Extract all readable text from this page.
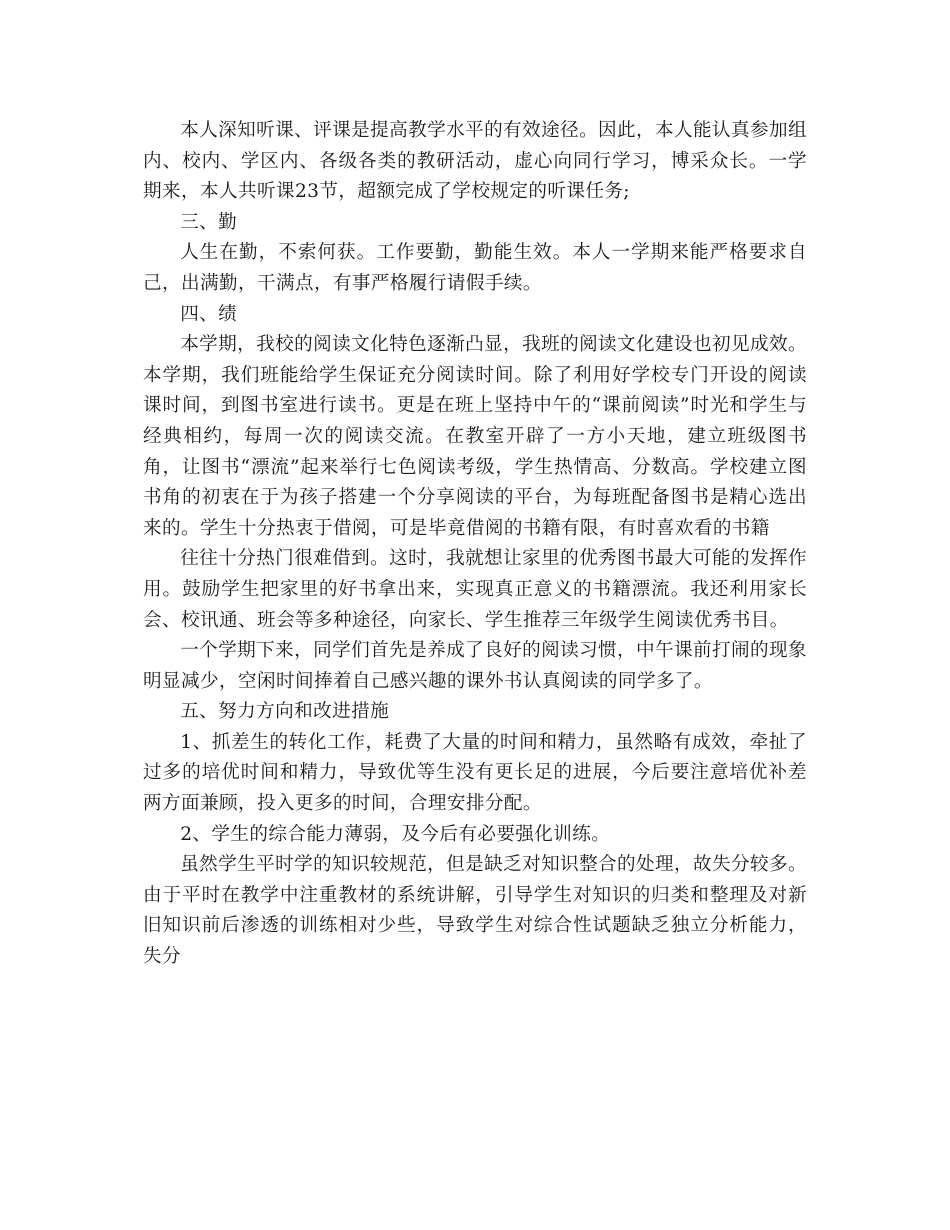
本人深知听课、评课是提高教学水平的有效途径。因此，本人能认真参加组内、校内、学区内、各级各类的教研活动，虚心向同行学习，博采众长。一学期来，本人共听课23节，超额完成了学校规定的听课任务;

三、勤

人生在勤，不索何获。工作要勤，勤能生效。本人一学期来能严格要求自己，出满勤，干满点，有事严格履行请假手续。

四、绩

本学期，我校的阅读文化特色逐渐凸显，我班的阅读文化建设也初见成效。本学期，我们班能给学生保证充分阅读时间。除了利用好学校专门开设的阅读课时间，到图书室进行读书。更是在班上坚持中午的“课前阅读”时光和学生与经典相约，每周一次的阅读交流。在教室开辟了一方小天地，建立班级图书角，让图书“漂流”起来举行七色阅读考级，学生热情高、分数高。学校建立图书角的初衷在于为孩子搭建一个分享阅读的平台，为每班配备图书是精心选出来的。学生十分热衷于借阅，可是毕竟借阅的书籍有限，有时喜欢看的书籍

往往十分热门很难借到。这时，我就想让家里的优秀图书最大可能的发挥作用。鼓励学生把家里的好书拿出来，实现真正意义的书籍漂流。我还利用家长会、校讯通、班会等多种途径，向家长、学生推荐三年级学生阅读优秀书目。

一个学期下来，同学们首先是养成了良好的阅读习惯，中午课前打闹的现象明显减少，空闲时间捧着自己感兴趣的课外书认真阅读的同学多了。

五、努力方向和改进措施

1、抓差生的转化工作，耗费了大量的时间和精力，虽然略有成效，牵扯了过多的培优时间和精力，导致优等生没有更长足的进展，今后要注意培优补差两方面兼顾，投入更多的时间，合理安排分配。

2、学生的综合能力薄弱，及今后有必要强化训练。

虽然学生平时学的知识较规范，但是缺乏对知识整合的处理，故失分较多。由于平时在教学中注重教材的系统讲解，引导学生对知识的归类和整理及对新旧知识前后渗透的训练相对少些，导致学生对综合性试题缺乏独立分析能力，失分
